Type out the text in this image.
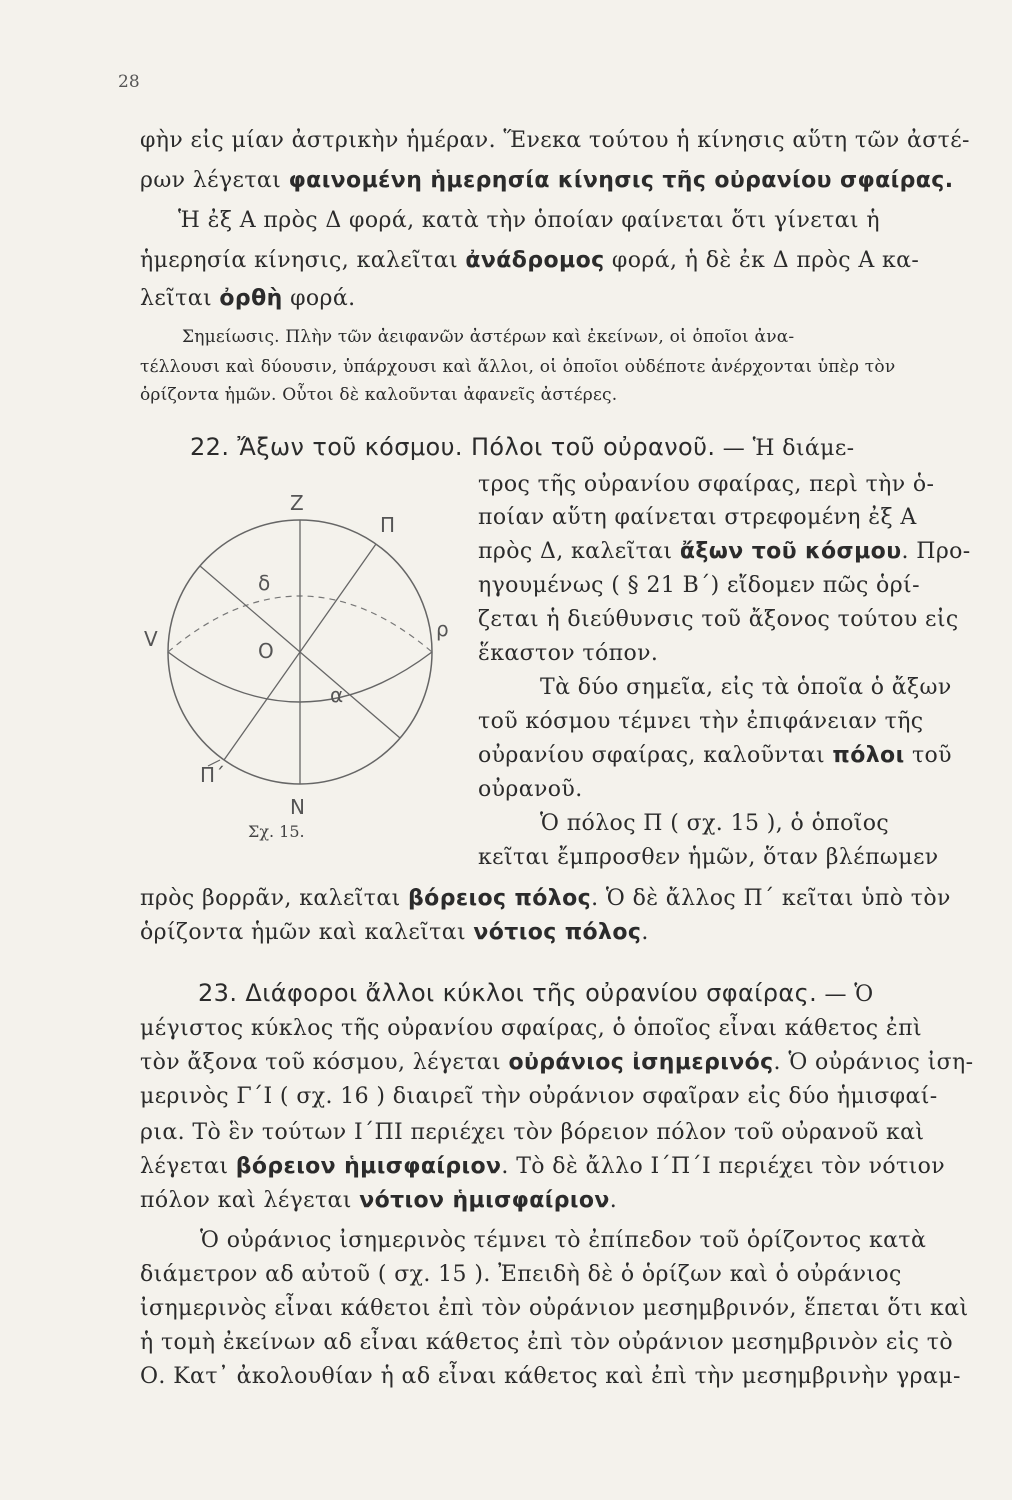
28
φὴν εἰς μίαν ἀστρικὴν ἡμέραν. Ἕνεκα τούτου ἡ κίνησις αὕτη τῶν ἀστέ-
ρων λέγεται φαινομένη ἡμερησία κίνησις τῆς οὐρανίου σφαίρας.
Ἡ ἐξ Α πρὸς Δ φορά, κατὰ τὴν ὁποίαν φαίνεται ὅτι γίνεται ἡ
ἡμερησία κίνησις, καλεῖται ἀνάδρομος φορά, ἡ δὲ ἐκ Δ πρὸς Α κα-
λεῖται ὀρθὴ φορά.
Σημείωσις. Πλὴν τῶν ἀειφανῶν ἀστέρων καὶ ἐκείνων, οἱ ὁποῖοι ἀνα-
τέλλουσι καὶ δύουσιν, ὑπάρχουσι καὶ ἄλλοι, οἱ ὁποῖοι οὐδέποτε ἀνέρχονται ὑπὲρ τὸν
ὁρίζοντα ἡμῶν. Οὗτοι δὲ καλοῦνται ἀφανεῖς ἀστέρες.
22. Ἄξων τοῦ κόσμου. Πόλοι τοῦ οὐρανοῦ. — Ἡ διάμε-
τρος τῆς οὐρανίου σφαίρας, περὶ τὴν ὁ-
ποίαν αὕτη φαίνεται στρεφομένη ἐξ Α
πρὸς Δ, καλεῖται ἄξων τοῦ κόσμου. Προ-
ηγουμένως ( § 21 Β΄) εἴδομεν πῶς ὁρί-
ζεται ἡ διεύθυνσις τοῦ ἄξονος τούτου εἰς
ἕκαστον τόπον.
Τὰ δύο σημεῖα, εἰς τὰ ὁποῖα ὁ ἄξων
τοῦ κόσμου τέμνει τὴν ἐπιφάνειαν τῆς
οὐρανίου σφαίρας, καλοῦνται πόλοι τοῦ
οὐρανοῦ.
Ὁ πόλος Π ( σχ. 15 ), ὁ ὁποῖος
κεῖται ἔμπροσθεν ἡμῶν, ὅταν βλέπωμεν
πρὸς βορρᾶν, καλεῖται βόρειος πόλος. Ὁ δὲ ἄλλος Π΄ κεῖται ὑπὸ τὸν
ὁρίζοντα ἡμῶν καὶ καλεῖται νότιος πόλος.
Z
Π
δ
V	O
ρ
α
Π΄
N
Σχ. 15.
23. Διάφοροι ἄλλοι κύκλοι τῆς οὐρανίου σφαίρας. — Ὁ
μέγιστος κύκλος τῆς οὐρανίου σφαίρας, ὁ ὁποῖος εἶναι κάθετος ἐπὶ
τὸν ἄξονα τοῦ κόσμου, λέγεται οὐράνιος ἰσημερινός. Ὁ οὐράνιος ἰση-
μερινὸς Γ΄Ι ( σχ. 16 ) διαιρεῖ τὴν οὐράνιον σφαῖραν εἰς δύο ἡμισφαί-
ρια. Τὸ ἓν τούτων Ι΄ΠΙ περιέχει τὸν βόρειον πόλον τοῦ οὐρανοῦ καὶ
λέγεται βόρειον ἡμισφαίριον. Τὸ δὲ ἄλλο Ι΄Π΄Ι περιέχει τὸν νότιον
πόλον καὶ λέγεται νότιον ἡμισφαίριον.
Ὁ οὐράνιος ἰσημερινὸς τέμνει τὸ ἐπίπεδον τοῦ ὁρίζοντος κατὰ
διάμετρον αδ αὐτοῦ ( σχ. 15 ). Ἐπειδὴ δὲ ὁ ὁρίζων καὶ ὁ οὐράνιος
ἰσημερινὸς εἶναι κάθετοι ἐπὶ τὸν οὐράνιον μεσημβρινόν, ἕπεται ὅτι καὶ
ἡ τομὴ ἐκείνων αδ εἶναι κάθετος ἐπὶ τὸν οὐράνιον μεσημβρινὸν εἰς τὸ
Ο. Κατ᾽ ἀκολουθίαν ἡ αδ εἶναι κάθετος καὶ ἐπὶ τὴν μεσημβρινὴν γραμ-
